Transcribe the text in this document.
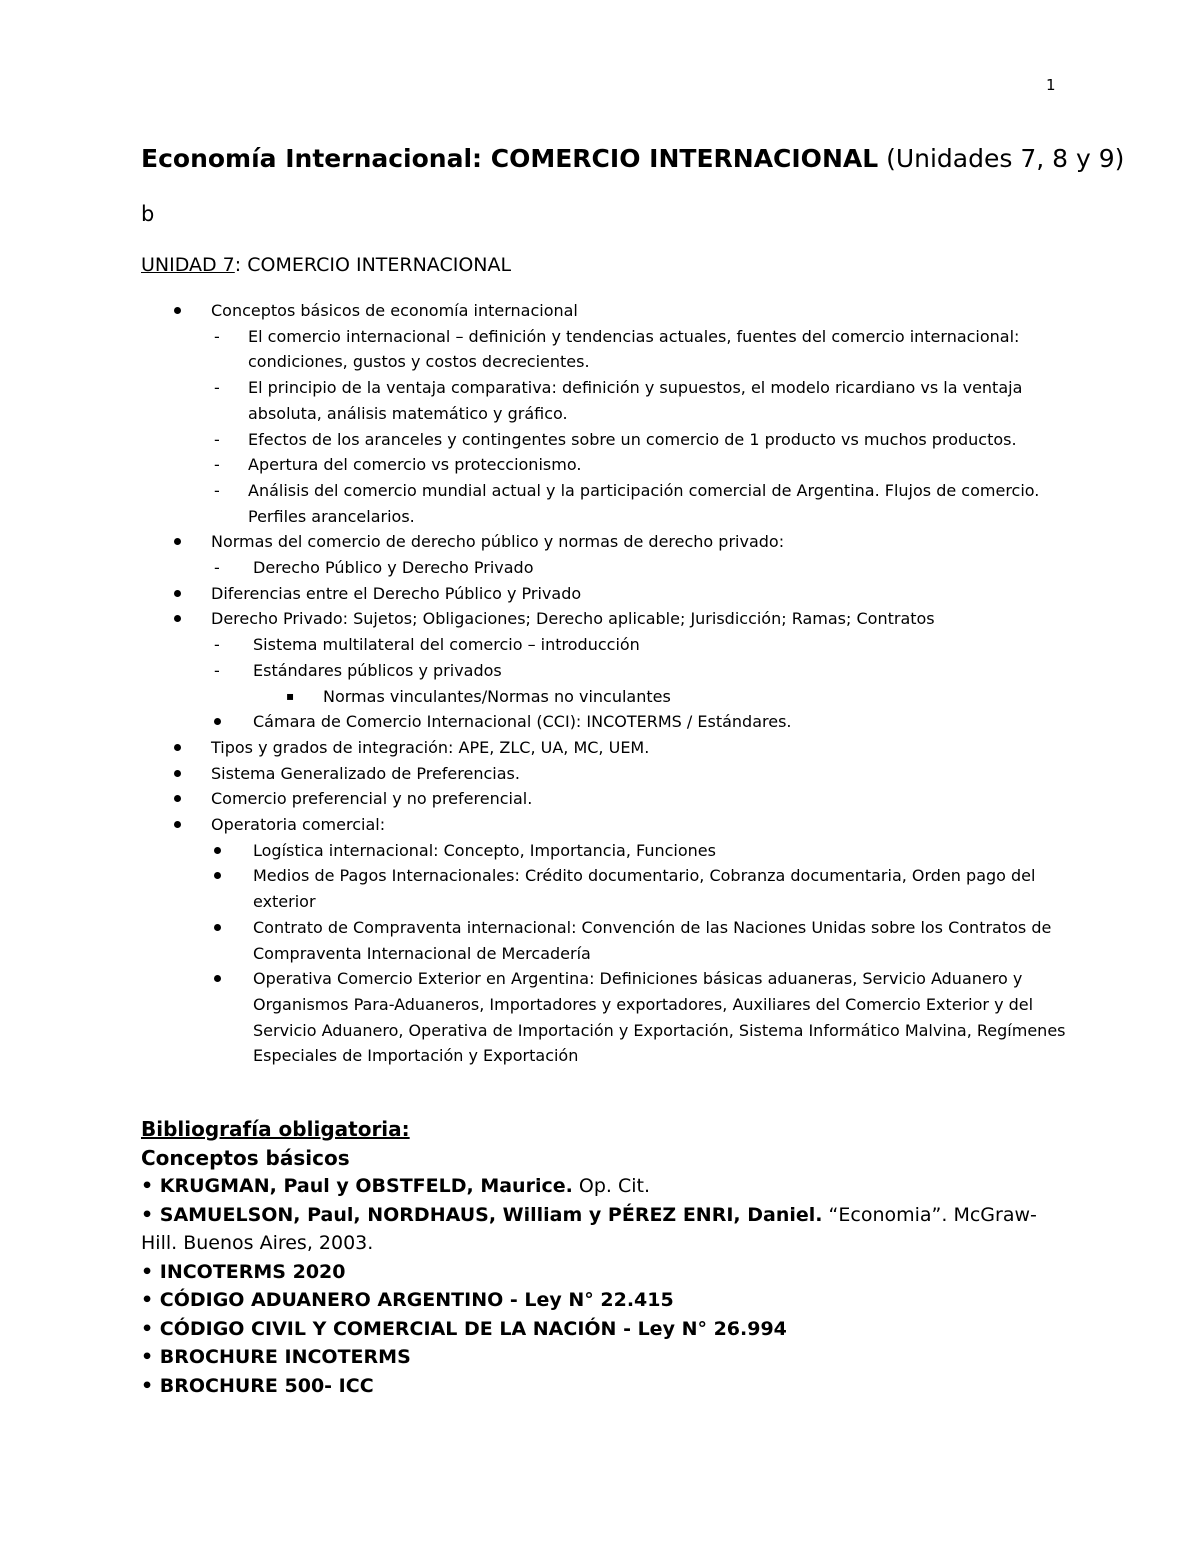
1
Economía Internacional: COMERCIO INTERNACIONAL (Unidades 7, 8 y 9)
b
UNIDAD 7: COMERCIO INTERNACIONAL
Conceptos básicos de economía internacional
- El comercio internacional – definición y tendencias actuales, fuentes del comercio internacional: condiciones, gustos y costos decrecientes.
- El principio de la ventaja comparativa: definición y supuestos, el modelo ricardiano vs la ventaja absoluta, análisis matemático y gráfico.
- Efectos de los aranceles y contingentes sobre un comercio de 1 producto vs muchos productos.
- Apertura del comercio vs proteccionismo.
- Análisis del comercio mundial actual y la participación comercial de Argentina. Flujos de comercio. Perfiles arancelarios.
Normas del comercio de derecho público y normas de derecho privado:
- Derecho Público y Derecho Privado
Diferencias entre el Derecho Público y Privado
Derecho Privado: Sujetos; Obligaciones; Derecho aplicable; Jurisdicción; Ramas; Contratos
- Sistema multilateral del comercio – introducción
- Estándares públicos y privados
▪ Normas vinculantes/Normas no vinculantes
Cámara de Comercio Internacional (CCI): INCOTERMS / Estándares.
Tipos y grados de integración: APE, ZLC, UA, MC, UEM.
Sistema Generalizado de Preferencias.
Comercio preferencial y no preferencial.
Operatoria comercial:
Logística internacional: Concepto, Importancia, Funciones
Medios de Pagos Internacionales: Crédito documentario, Cobranza documentaria, Orden pago del exterior
Contrato de Compraventa internacional: Convención de las Naciones Unidas sobre los Contratos de Compraventa Internacional de Mercadería
Operativa Comercio Exterior en Argentina: Definiciones básicas aduaneras, Servicio Aduanero y Organismos Para-Aduaneros, Importadores y exportadores, Auxiliares del Comercio Exterior y del Servicio Aduanero, Operativa de Importación y Exportación, Sistema Informático Malvina, Regímenes Especiales de Importación y Exportación
Bibliografía obligatoria:
Conceptos básicos
• KRUGMAN, Paul y OBSTFELD, Maurice. Op. Cit.
• SAMUELSON, Paul, NORDHAUS, William y PÉREZ ENRI, Daniel. “Economia”. McGraw-Hill. Buenos Aires, 2003.
• INCOTERMS 2020
• CÓDIGO ADUANERO ARGENTINO - Ley N° 22.415
• CÓDIGO CIVIL Y COMERCIAL DE LA NACIÓN - Ley N° 26.994
• BROCHURE INCOTERMS
• BROCHURE 500- ICC
